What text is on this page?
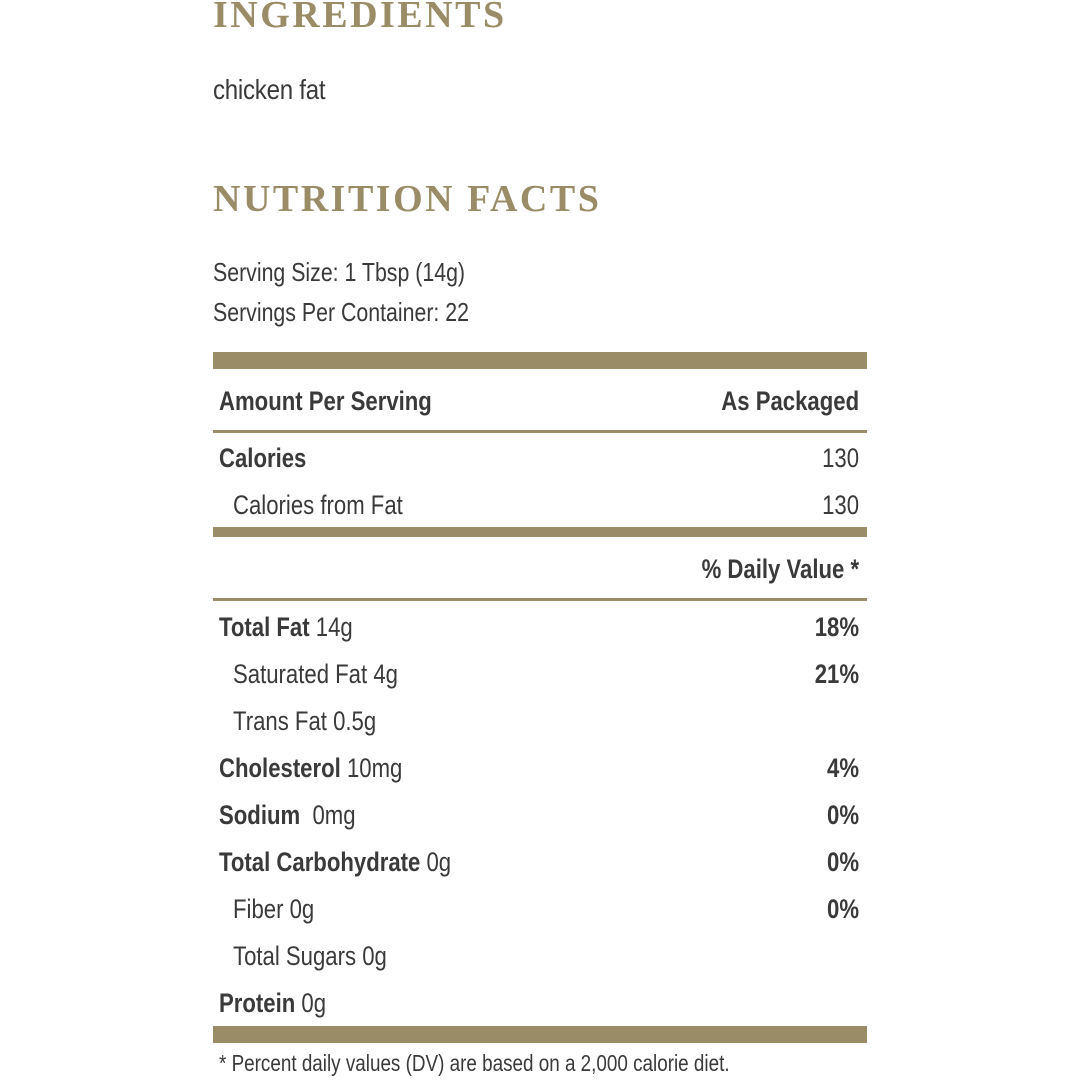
INGREDIENTS
chicken fat
NUTRITION FACTS
Serving Size: 1 Tbsp (14g)
Servings Per Container: 22
Amount Per Serving	As Packaged
Calories	130
Calories from Fat	130
% Daily Value *
Total Fat 14g	18%
Saturated Fat 4g	21%
Trans Fat 0.5g
Cholesterol 10mg	4%
Sodium 0mg	0%
Total Carbohydrate 0g	0%
Fiber 0g	0%
Total Sugars 0g
Protein 0g
* Percent daily values (DV) are based on a 2,000 calorie diet.
